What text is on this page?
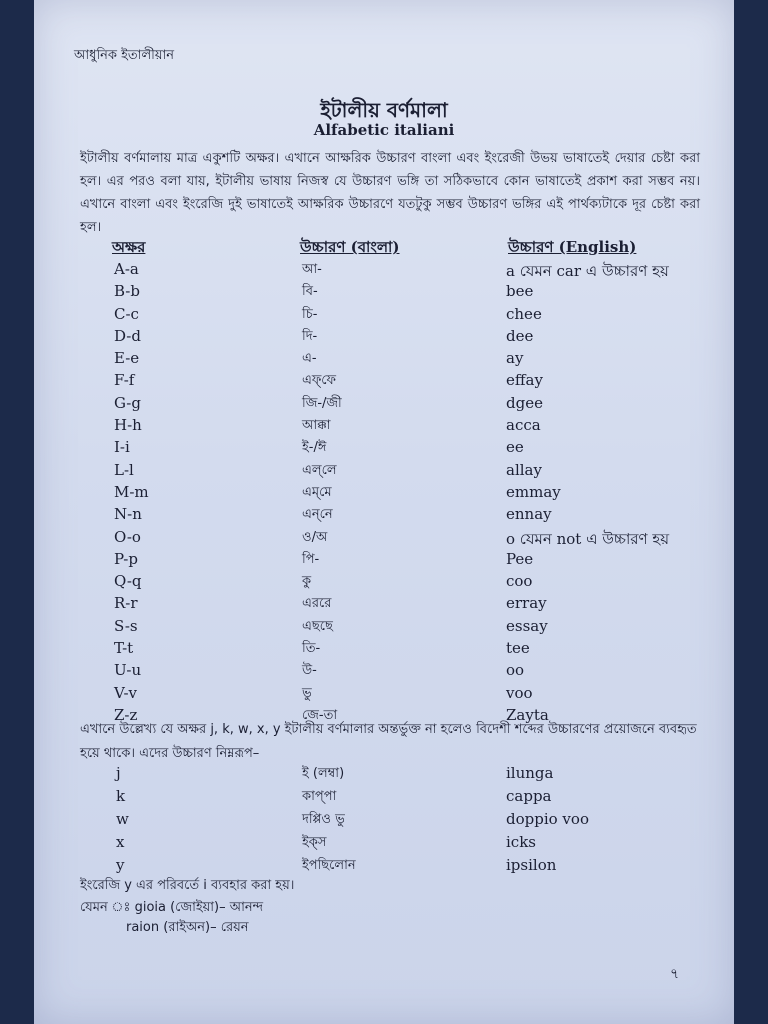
আধুনিক ইতালীয়ান
ইটালীয় বর্ণমালা
Alfabetic italiani
ইটালীয় বর্ণমালায় মাত্র একুশটি অক্ষর। এখানে আক্ষরিক উচ্চারণ বাংলা এবং ইংরেজী উভয় ভাষাতেই দেয়ার চেষ্টা করা হল। এর পরও বলা যায়, ইটালীয় ভাষায় নিজস্ব যে উচ্চারণ ভঙ্গি তা সঠিকভাবে কোন ভাষাতেই প্রকাশ করা সম্ভব নয়। এখানে বাংলা এবং ইংরেজি দুই ভাষাতেই আক্ষরিক উচ্চারণে যতটুকু সম্ভব উচ্চারণ ভঙ্গির এই পার্থক্যটাকে দূর চেষ্টা করা হল।
অক্ষর	উচ্চারণ (বাংলা)	উচ্চারণ (English)
A-a	আ-	a যেমন car এ উচ্চারণ হয়
B-b	বি-	bee
C-c	চি-	chee
D-d	দি-	dee
E-e	এ-	ay
F-f	এফ্‌ফে	effay
G-g	জি-/জী	dgee
H-h	আক্কা	acca
I-i	ই-/ঈ	ee
L-l	এল্‌লে	allay
M-m	এম্‌মে	emmay
N-n	এন্‌নে	ennay
O-o	ও/অ	o যেমন not এ উচ্চারণ হয়
P-p	পি-	Pee
Q-q	কু	coo
R-r	এররে	erray
S-s	এছছে	essay
T-t	তি-	tee
U-u	উ-	oo
V-v	ভু	voo
Z-z	জে-তা	Zayta
এখানে উল্লেখ্য যে অক্ষর j, k, w, x, y ইটালীয় বর্ণমালার অন্তর্ভুক্ত না হলেও বিদেশী শব্দের উচ্চারণের প্রয়োজনে ব্যবহৃত হয়ে থাকে। এদের উচ্চারণ নিম্নরূপ–
j	ই (লম্বা)	ilunga
k	কাপ্‌পা	cappa
w	দপ্পিও ভু	doppio voo
x	ইক্‌স	icks
y	ইপছিলোন	ipsilon
ইংরেজি y এর পরিবর্তে i ব্যবহার করা হয়।
যেমন ঃ gioia (জোইয়া)– আনন্দ
raion (রাইঅন)– রেয়ন
৭
